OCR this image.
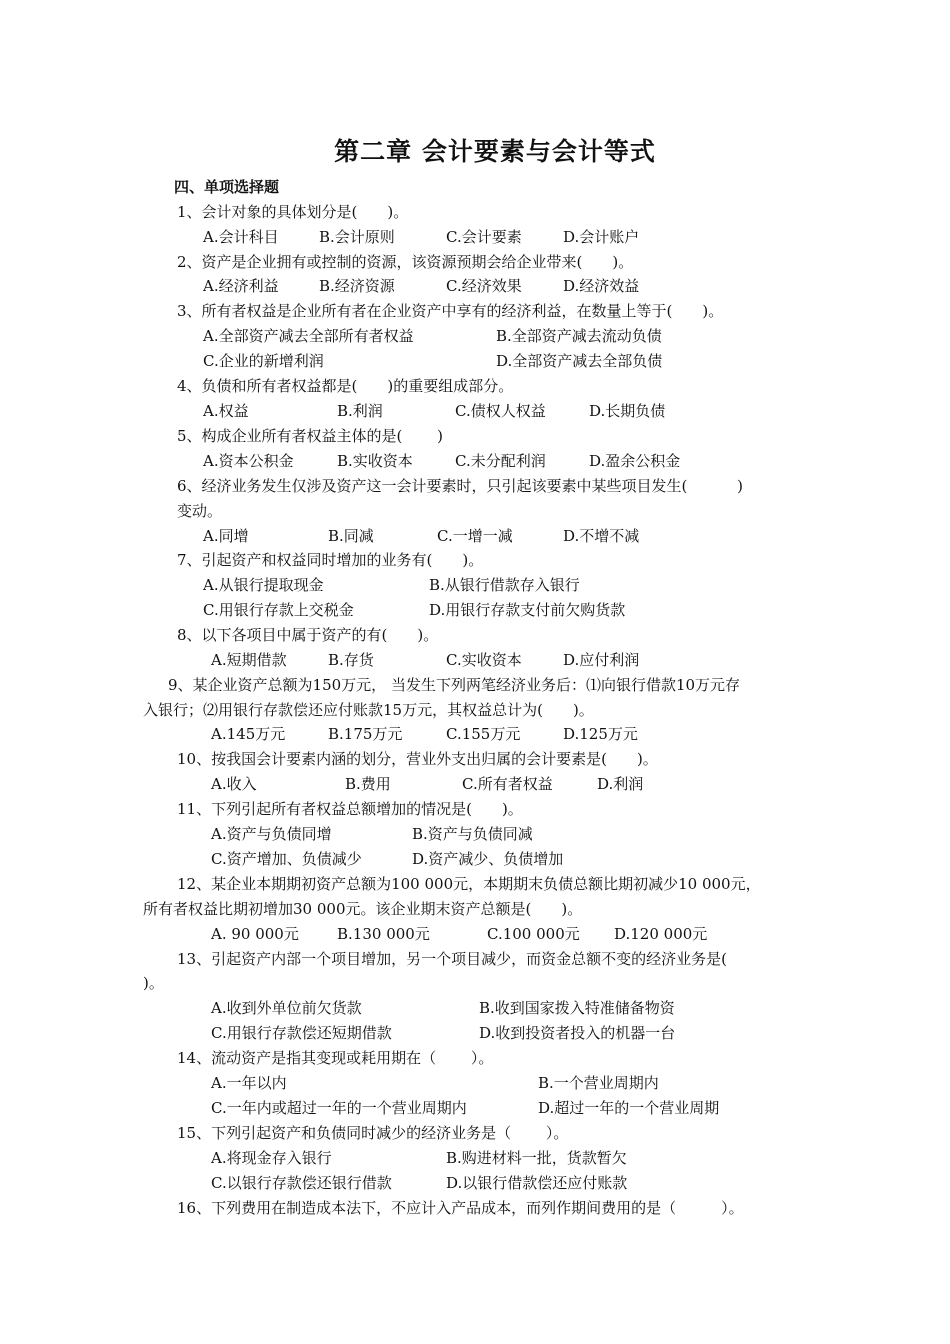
第二章 会计要素与会计等式
四、单项选择题
1、会计对象的具体划分是(　　)。
A.会计科目	B.会计原则	C.会计要素	D.会计账户
2、资产是企业拥有或控制的资源，该资源预期会给企业带来(　　)。
A.经济利益	B.经济资源	C.经济效果	D.经济效益
3、所有者权益是企业所有者在企业资产中享有的经济利益，在数量上等于(　　)。
A.全部资产减去全部所有者权益	B.全部资产减去流动负债
C.企业的新增利润	D.全部资产减去全部负债
4、负债和所有者权益都是(　　)的重要组成部分。
A.权益	B.利润	C.债权人权益	D.长期负债
5、构成企业所有者权益主体的是(　　 )
A.资本公积金	B.实收资本	C.未分配利润	D.盈余公积金
6、经济业务发生仅涉及资产这一会计要素时，只引起该要素中某些项目发生(　　　 )
变动。
A.同增	B.同减	C.一增一减	D.不增不减
7、引起资产和权益同时增加的业务有(　　)。
A.从银行提取现金	B.从银行借款存入银行
C.用银行存款上交税金	D.用银行存款支付前欠购货款
8、以下各项目中属于资产的有(　　)。
A.短期借款	B.存货	C.实收资本	D.应付利润
9、某企业资产总额为150万元， 当发生下列两笔经济业务后：⑴向银行借款10万元存
入银行；⑵用银行存款偿还应付账款15万元，其权益总计为(　　)。
A.145万元	B.175万元	C.155万元	D.125万元
10、按我国会计要素内涵的划分，营业外支出归属的会计要素是(　　)。
A.收入	B.费用	C.所有者权益	D.利润
11、下列引起所有者权益总额增加的情况是(　　)。
A.资产与负债同增	B.资产与负债同减
C.资产增加、负债减少	D.资产减少、负债增加
12、某企业本期期初资产总额为100 000元，本期期末负债总额比期初减少10 000元，
所有者权益比期初增加30 000元。该企业期末资产总额是(　　)。
A. 90 000元	B.130 000元	C.100 000元 D.120 000元
13、引起资产内部一个项目增加，另一个项目减少，而资金总额不变的经济业务是(
)。
A.收到外单位前欠货款	B.收到国家拨入特准储备物资
C.用银行存款偿还短期借款	D.收到投资者投入的机器一台
14、流动资产是指其变现或耗用期在（　　 ）。
A.一年以内	B.一个营业周期内
C.一年内或超过一年的一个营业周期内	D.超过一年的一个营业周期
15、下列引起资产和负债同时减少的经济业务是（　　 ）。
A.将现金存入银行	B.购进材料一批，货款暂欠
C.以银行存款偿还银行借款	D.以银行借款偿还应付账款
16、下列费用在制造成本法下，不应计入产品成本，而列作期间费用的是（　　　）。
